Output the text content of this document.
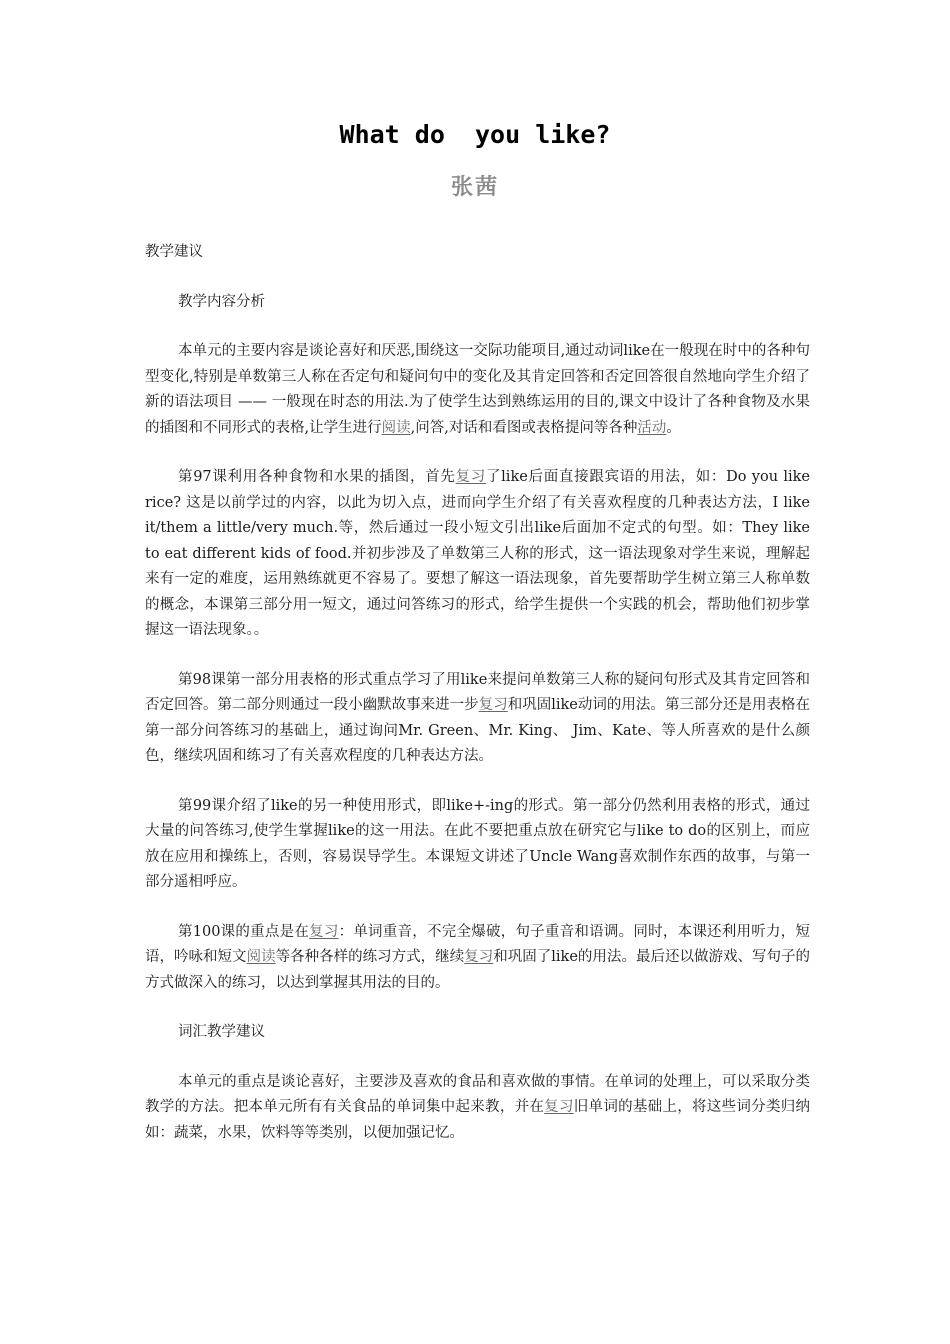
What do  you like?
张茜
教学建议
教学内容分析

本单元的主要内容是谈论喜好和厌恶,围绕这一交际功能项目,通过动词like在一般现在时中的各种句型变化,特别是单数第三人称在否定句和疑问句中的变化及其肯定回答和否定回答很自然地向学生介绍了新的语法项目 —— 一般现在时态的用法.为了使学生达到熟练运用的目的,课文中设计了各种食物及水果的插图和不同形式的表格,让学生进行阅读,问答,对话和看图或表格提问等各种活动。

第97课利用各种食物和水果的插图，首先复习了like后面直接跟宾语的用法，如：Do you like rice? 这是以前学过的内容，以此为切入点，进而向学生介绍了有关喜欢程度的几种表达方法，I like it/them a little/very much.等，然后通过一段小短文引出like后面加不定式的句型。如：They like to eat different kids of food.并初步涉及了单数第三人称的形式，这一语法现象对学生来说，理解起来有一定的难度，运用熟练就更不容易了。要想了解这一语法现象，首先要帮助学生树立第三人称单数的概念，本课第三部分用一短文，通过问答练习的形式，给学生提供一个实践的机会，帮助他们初步掌握这一语法现象。。

第98课第一部分用表格的形式重点学习了用like来提问单数第三人称的疑问句形式及其肯定回答和否定回答。第二部分则通过一段小幽默故事来进一步复习和巩固like动词的用法。第三部分还是用表格在第一部分问答练习的基础上，通过询问Mr. Green、Mr. King、 Jim、Kate、等人所喜欢的是什么颜色，继续巩固和练习了有关喜欢程度的几种表达方法。

第99课介绍了like的另一种使用形式，即like+-ing的形式。第一部分仍然利用表格的形式，通过大量的问答练习,使学生掌握like的这一用法。在此不要把重点放在研究它与like to do的区别上，而应放在应用和操练上，否则，容易误导学生。本课短文讲述了Uncle Wang喜欢制作东西的故事，与第一部分遥相呼应。

第100课的重点是在复习：单词重音，不完全爆破，句子重音和语调。同时，本课还利用听力，短语，吟咏和短文阅读等各种各样的练习方式，继续复习和巩固了like的用法。最后还以做游戏、写句子的方式做深入的练习，以达到掌握其用法的目的。

词汇教学建议

本单元的重点是谈论喜好，主要涉及喜欢的食品和喜欢做的事情。在单词的处理上，可以采取分类教学的方法。把本单元所有有关食品的单词集中起来教，并在复习旧单词的基础上，将这些词分类归纳如：蔬菜，水果，饮料等等类别，以便加强记忆。
